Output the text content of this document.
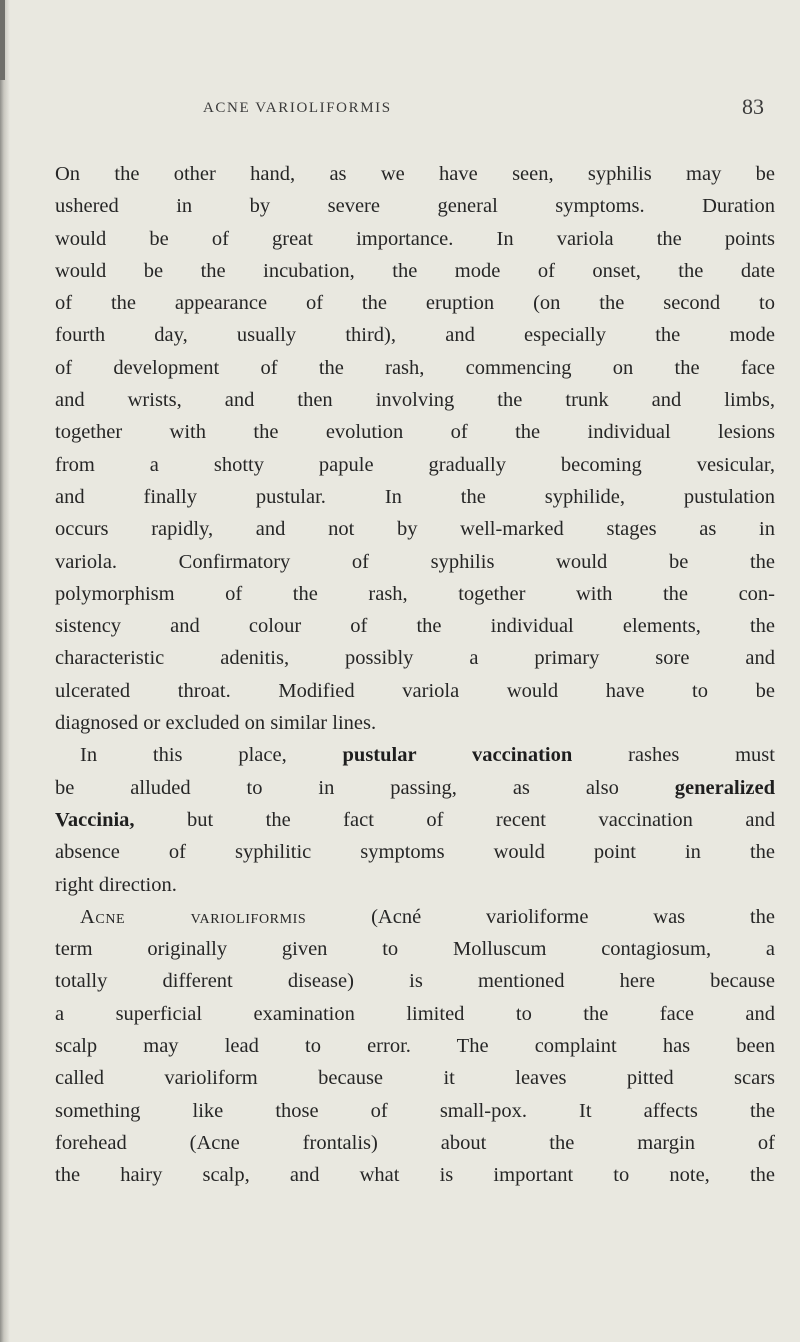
ACNE VARIOLIFORMIS	83
On the other hand, as we have seen, syphilis may be
ushered in by severe general symptoms. Duration
would be of great importance. In variola the points
would be the incubation, the mode of onset, the date
of the appearance of the eruption (on the second to
fourth day, usually third), and especially the mode
of development of the rash, commencing on the face
and wrists, and then involving the trunk and limbs,
together with the evolution of the individual lesions
from a shotty papule gradually becoming vesicular,
and finally pustular. In the syphilide, pustulation
occurs rapidly, and not by well-marked stages as in
variola. Confirmatory of syphilis would be the
polymorphism of the rash, together with the con-
sistency and colour of the individual elements, the
characteristic adenitis, possibly a primary sore and
ulcerated throat. Modified variola would have to be
diagnosed or excluded on similar lines.
In this place, pustular vaccination rashes must
be alluded to in passing, as also generalized
Vaccinia, but the fact of recent vaccination and
absence of syphilitic symptoms would point in the
right direction.
Acne varioliformis (Acné varioliforme was the
term originally given to Molluscum contagiosum, a
totally different disease) is mentioned here because
a superficial examination limited to the face and
scalp may lead to error. The complaint has been
called varioliform because it leaves pitted scars
something like those of small-pox. It affects the
forehead (Acne frontalis) about the margin of
the hairy scalp, and what is important to note, the
